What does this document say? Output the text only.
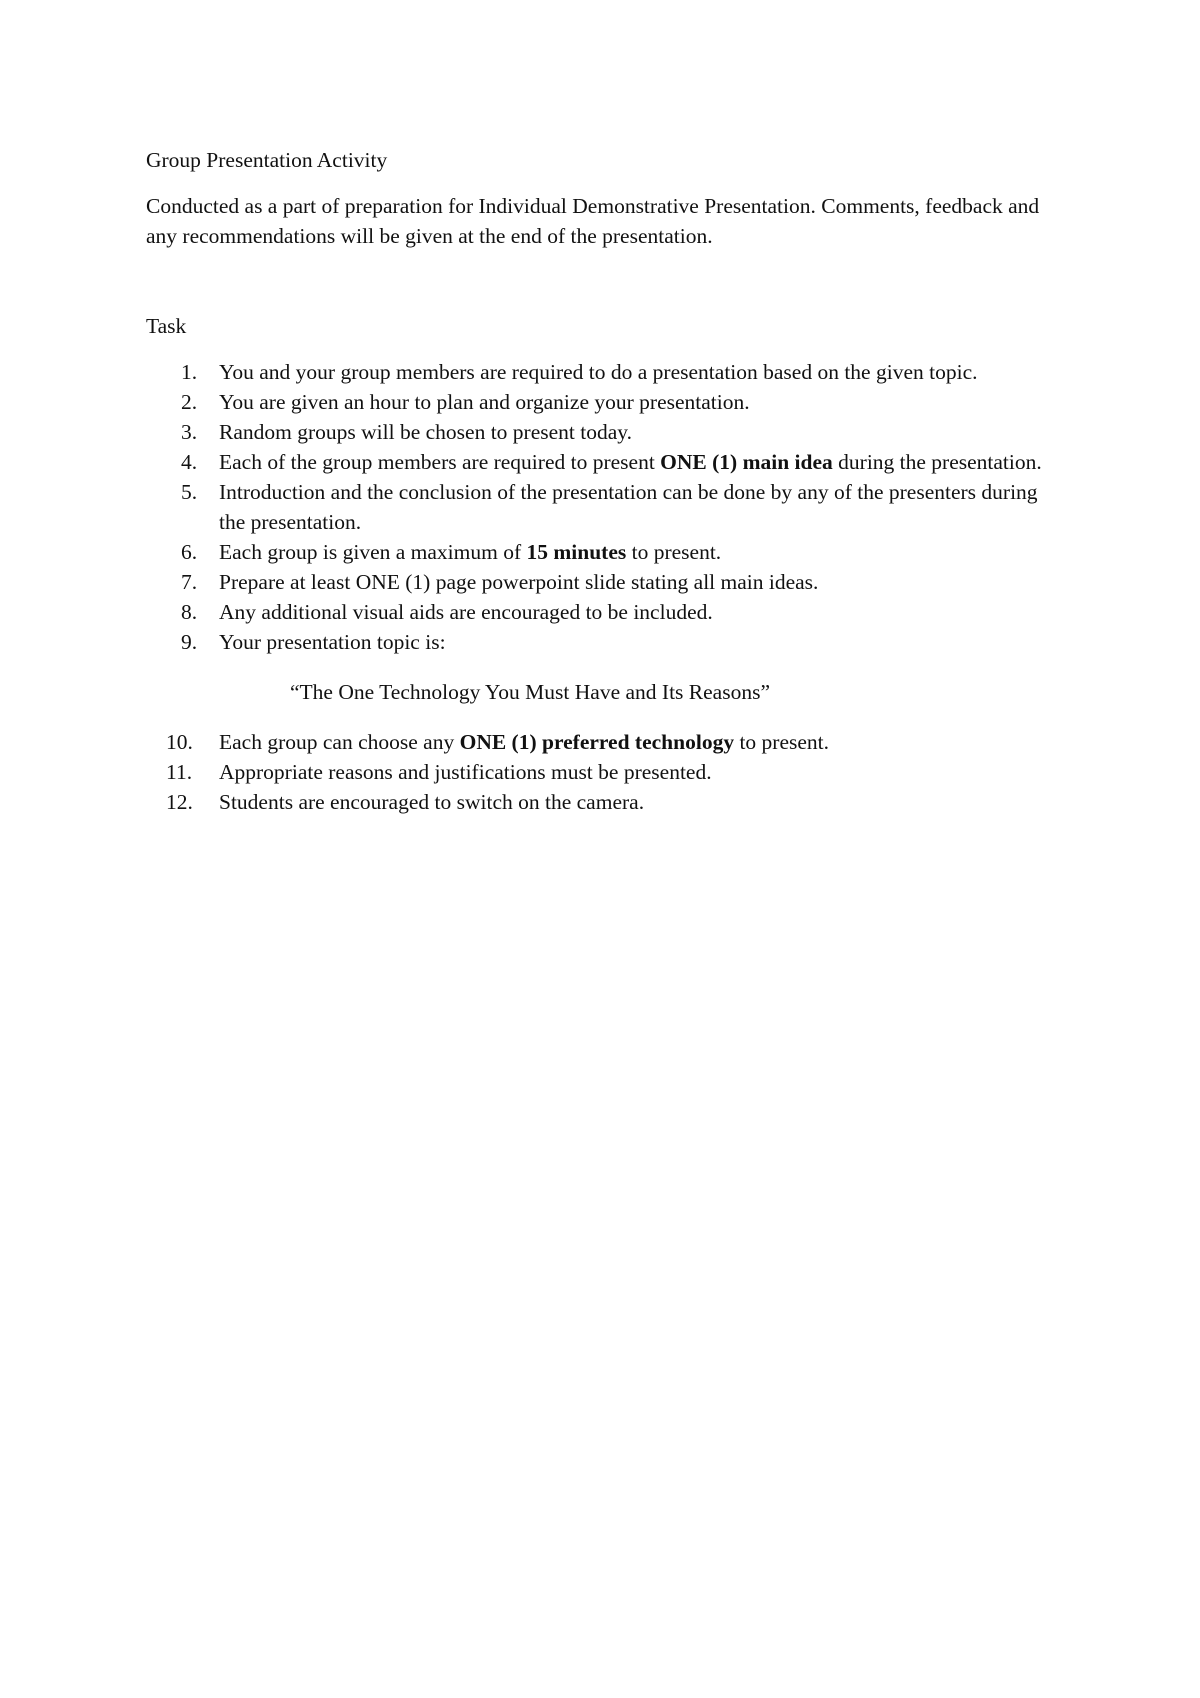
Group Presentation Activity

Conducted as a part of preparation for Individual Demonstrative Presentation. Comments, feedback and any recommendations will be given at the end of the presentation.

Task

1. You and your group members are required to do a presentation based on the given topic.
2. You are given an hour to plan and organize your presentation.
3. Random groups will be chosen to present today.
4. Each of the group members are required to present ONE (1) main idea during the presentation.
5. Introduction and the conclusion of the presentation can be done by any of the presenters during the presentation.
6. Each group is given a maximum of 15 minutes to present.
7. Prepare at least ONE (1) page powerpoint slide stating all main ideas.
8. Any additional visual aids are encouraged to be included.
9. Your presentation topic is:

“The One Technology You Must Have and Its Reasons”

10. Each group can choose any ONE (1) preferred technology to present.
11. Appropriate reasons and justifications must be presented.
12. Students are encouraged to switch on the camera.
